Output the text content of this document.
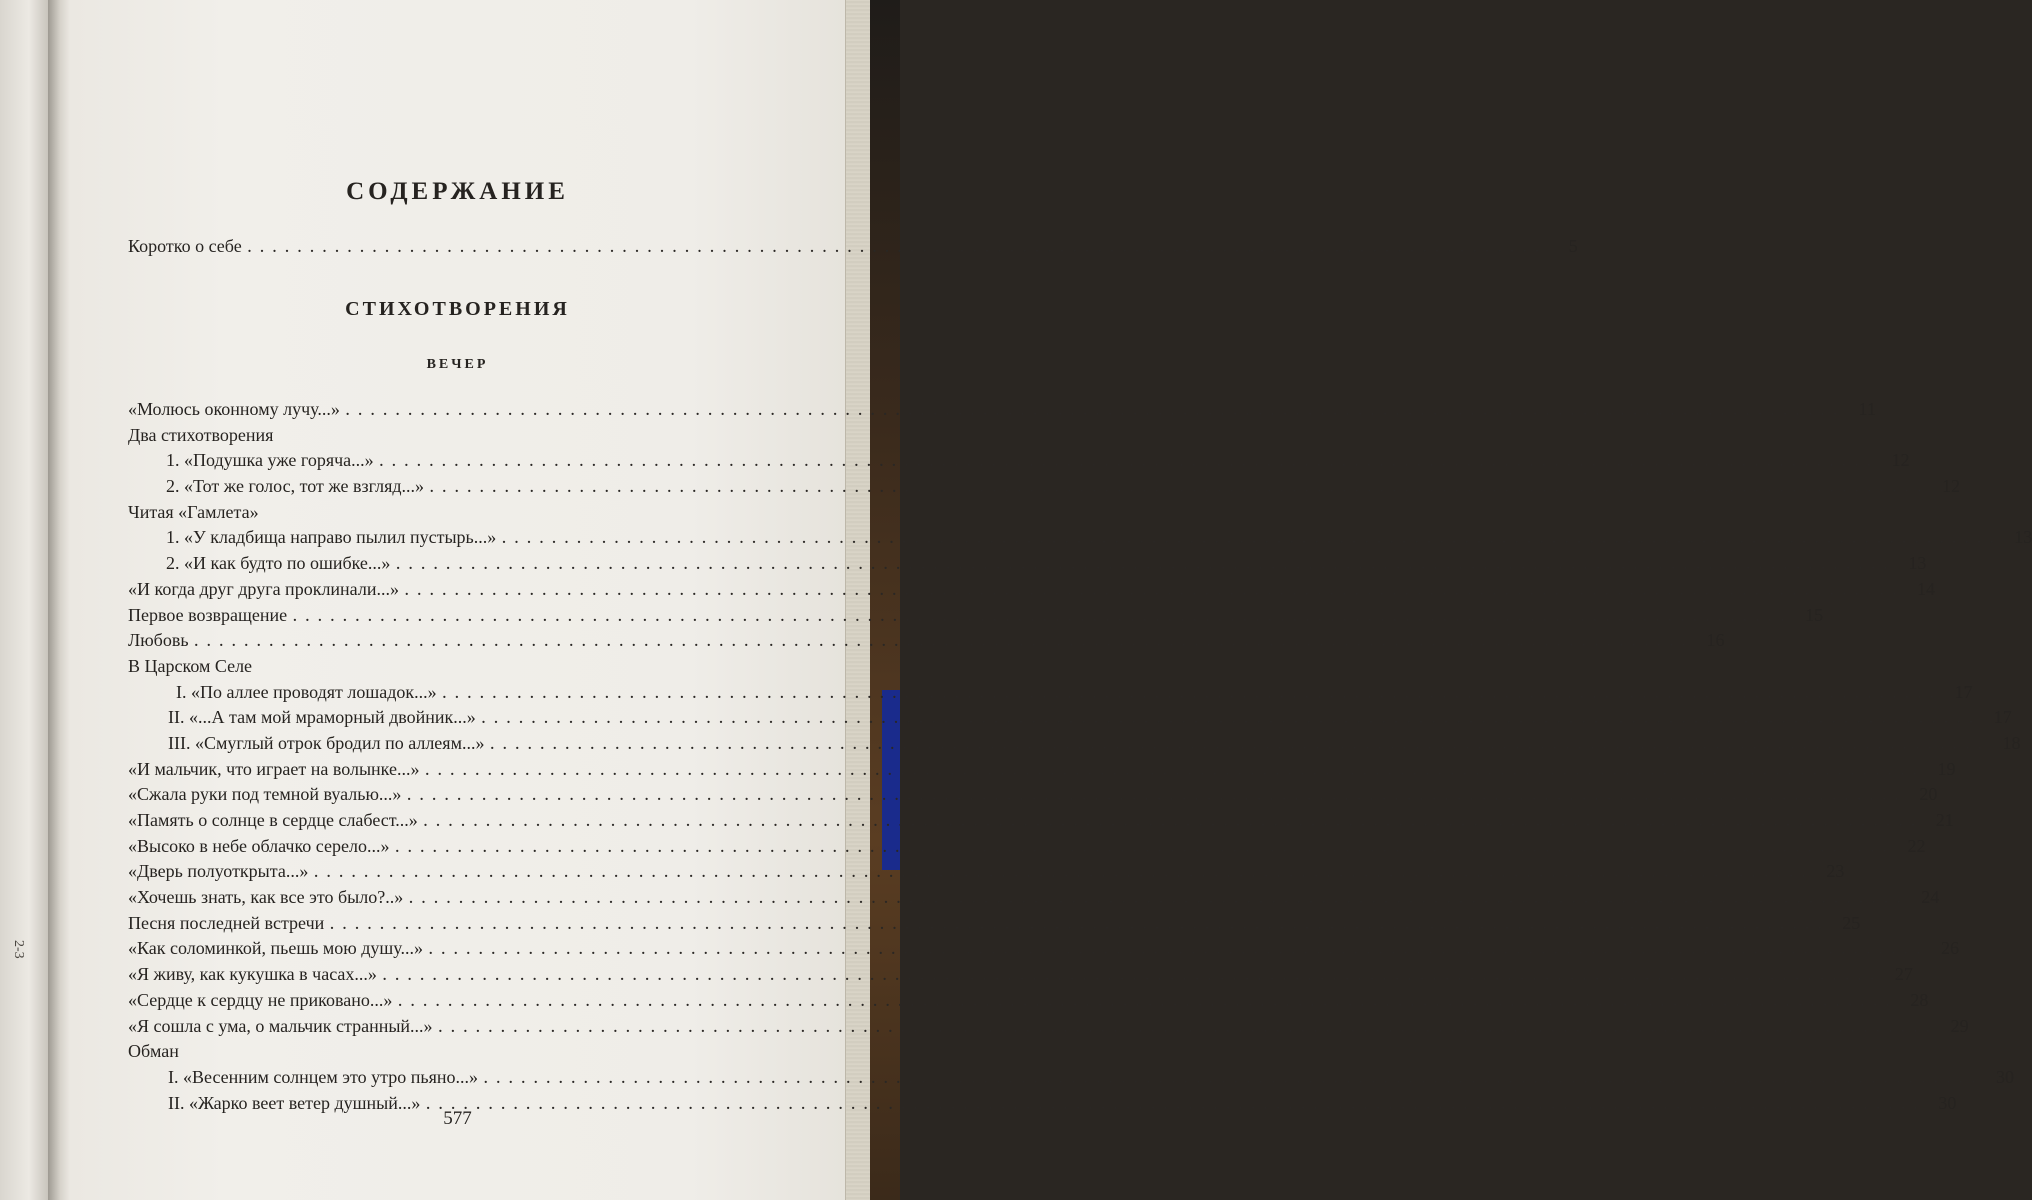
2-3
СОДЕРЖАНИЕ
Коротко о себе ........................................................................................................	5
СТИХОТВОРЕНИЯ
ВЕЧЕР
«Молюсь оконному лучу...» ........................................................................................................................ 11
Два стихотворения
1. «Подушка уже горяча...» ........................................................................................................................ 12
2. «Тот же голос, тот же взгляд...» ........................................................................................................................ 12
Читая «Гамлета»
1. «У кладбища направо пылил пустырь...» ........................................................................................................................ 13
2. «И как будто по ошибке...» ........................................................................................................................ 13
«И когда друг друга проклинали...» ........................................................................................................................ 14
Первое возвращение ........................................................................................................................ 15
Любовь ........................................................................................................................ 16
В Царском Селе
I. «По аллее проводят лошадок...» ........................................................................................................................ 17
II. «...А там мой мраморный двойник...» ........................................................................................................................ 17
III. «Смуглый отрок бродил по аллеям...» ........................................................................................................................ 18
«И мальчик, что играет на волынке...» ........................................................................................................................ 19
«Сжала руки под темной вуалью...» ........................................................................................................................ 20
«Память о солнце в сердце слабест...» ........................................................................................................................ 21
«Высоко в небе облачко серело...» ........................................................................................................................ 22
«Дверь полуоткрыта...» ........................................................................................................................ 23
«Хочешь знать, как все это было?..» ........................................................................................................................ 24
Песня последней встречи ........................................................................................................................ 25
«Как соломинкой, пьешь мою душу...» ........................................................................................................................ 26
«Я живу, как кукушка в часах...» ........................................................................................................................ 27
«Сердце к сердцу не приковано...» ........................................................................................................................ 28
«Я сошла с ума, о мальчик странный...» ........................................................................................................................ 29
Обман
I. «Весенним солнцем это утро пьяно...» ........................................................................................................................ 30
II. «Жарко веет ветер душный...» ........................................................................................................................ 30
577
